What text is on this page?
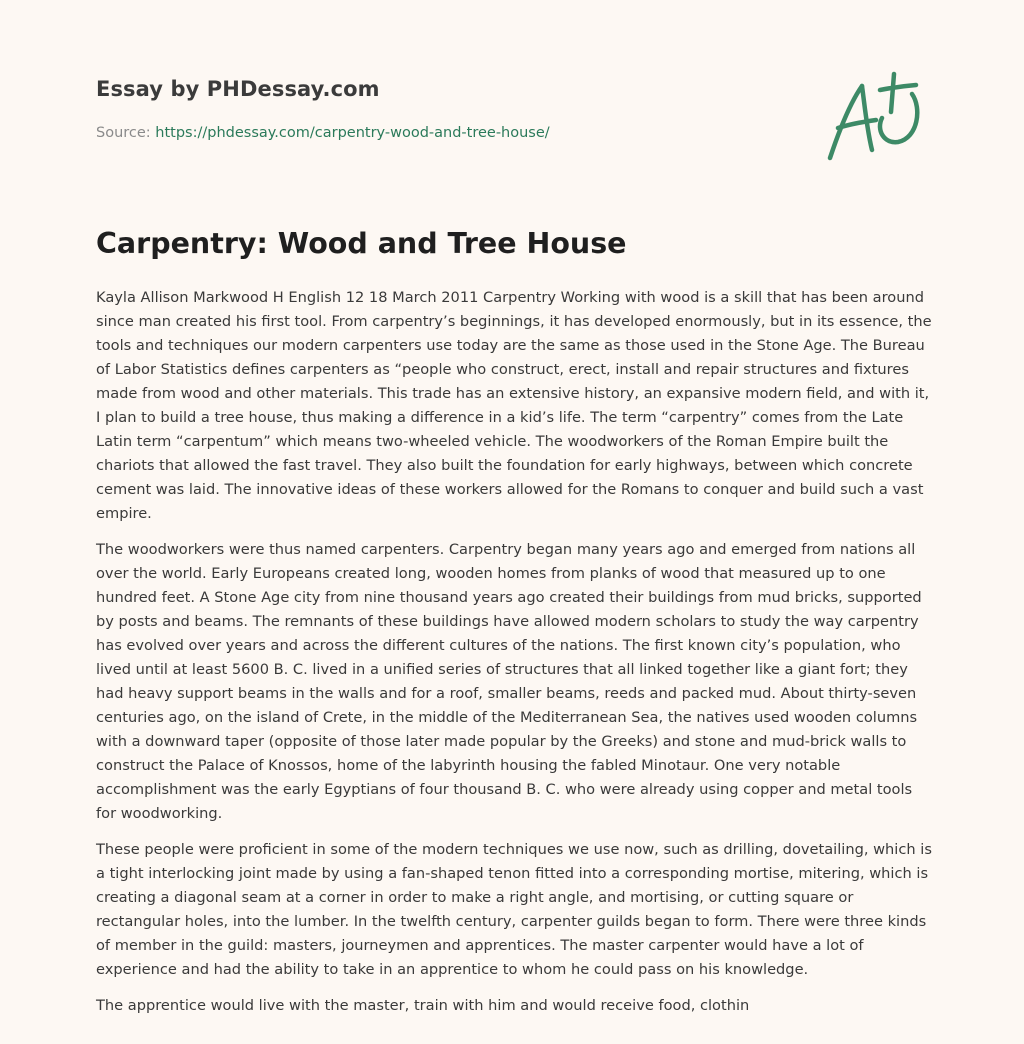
Essay by PHDessay.com
Source: https://phdessay.com/carpentry-wood-and-tree-house/
Carpentry: Wood and Tree House

Kayla Allison Markwood H English 12 18 March 2011 Carpentry Working with wood is a skill that has been around since man created his first tool. From carpentry’s beginnings, it has developed enormously, but in its essence, the tools and techniques our modern carpenters use today are the same as those used in the Stone Age. The Bureau of Labor Statistics defines carpenters as “people who construct, erect, install and repair structures and fixtures made from wood and other materials. This trade has an extensive history, an expansive modern field, and with it, I plan to build a tree house, thus making a difference in a kid’s life. The term “carpentry” comes from the Late Latin term “carpentum” which means two-wheeled vehicle. The woodworkers of the Roman Empire built the chariots that allowed the fast travel. They also built the foundation for early highways, between which concrete cement was laid. The innovative ideas of these workers allowed for the Romans to conquer and build such a vast empire.

The woodworkers were thus named carpenters. Carpentry began many years ago and emerged from nations all over the world. Early Europeans created long, wooden homes from planks of wood that measured up to one hundred feet. A Stone Age city from nine thousand years ago created their buildings from mud bricks, supported by posts and beams. The remnants of these buildings have allowed modern scholars to study the way carpentry has evolved over years and across the different cultures of the nations. The first known city’s population, who lived until at least 5600 B. C. lived in a unified series of structures that all linked together like a giant fort; they had heavy support beams in the walls and for a roof, smaller beams, reeds and packed mud. About thirty-seven centuries ago, on the island of Crete, in the middle of the Mediterranean Sea, the natives used wooden columns with a downward taper (opposite of those later made popular by the Greeks) and stone and mud-brick walls to construct the Palace of Knossos, home of the labyrinth housing the fabled Minotaur. One very notable accomplishment was the early Egyptians of four thousand B. C. who were already using copper and metal tools for woodworking.

These people were proficient in some of the modern techniques we use now, such as drilling, dovetailing, which is a tight interlocking joint made by using a fan-shaped tenon fitted into a corresponding mortise, mitering, which is creating a diagonal seam at a corner in order to make a right angle, and mortising, or cutting square or rectangular holes, into the lumber. In the twelfth century, carpenter guilds began to form. There were three kinds of member in the guild: masters, journeymen and apprentices. The master carpenter would have a lot of experience and had the ability to take in an apprentice to whom he could pass on his knowledge.

The apprentice would live with the master, train with him and would receive food, clothin
